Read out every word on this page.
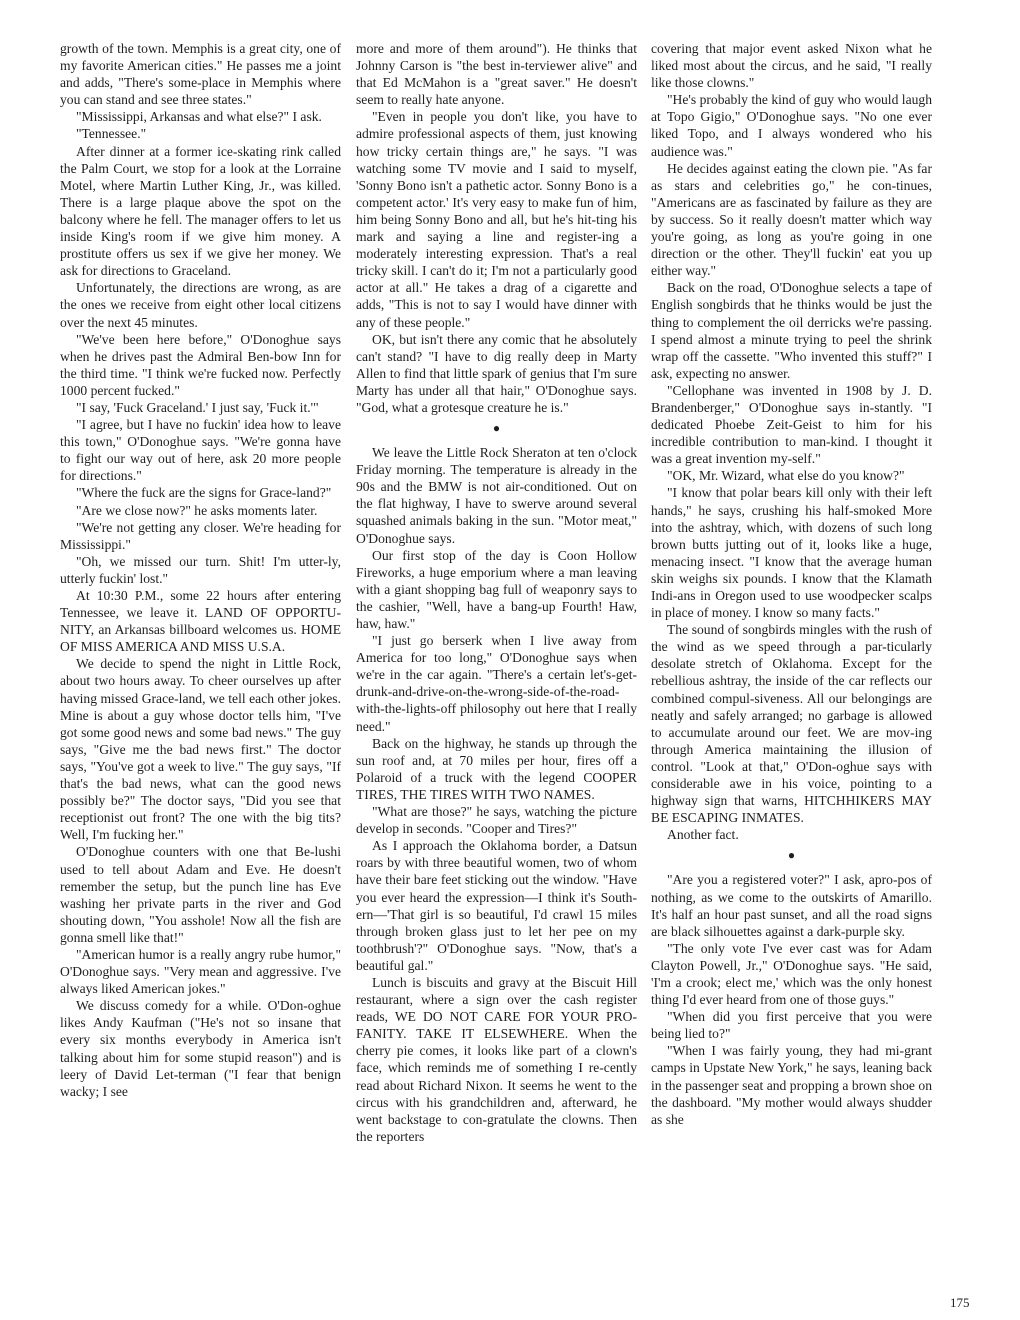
growth of the town. Memphis is a great city, one of my favorite American cities." He passes me a joint and adds, "There's some-place in Memphis where you can stand and see three states."

"Mississippi, Arkansas and what else?" I ask.

"Tennessee."

After dinner at a former ice-skating rink called the Palm Court, we stop for a look at the Lorraine Motel, where Martin Luther King, Jr., was killed. There is a large plaque above the spot on the balcony where he fell. The manager offers to let us inside King's room if we give him money. A prostitute offers us sex if we give her money. We ask for directions to Graceland.

Unfortunately, the directions are wrong, as are the ones we receive from eight other local citizens over the next 45 minutes.

"We've been here before," O'Donoghue says when he drives past the Admiral Ben-bow Inn for the third time. "I think we're fucked now. Perfectly 1000 percent fucked."

"I say, 'Fuck Graceland.' I just say, 'Fuck it.'"

"I agree, but I have no fuckin' idea how to leave this town," O'Donoghue says. "We're gonna have to fight our way out of here, ask 20 more people for directions."

"Where the fuck are the signs for Grace-land?"

"Are we close now?" he asks moments later.

"We're not getting any closer. We're heading for Mississippi."

"Oh, we missed our turn. Shit! I'm utter-ly, utterly fuckin' lost."

At 10:30 P.M., some 22 hours after entering Tennessee, we leave it. LAND OF OPPORTU-NITY, an Arkansas billboard welcomes us. HOME OF MISS AMERICA AND MISS U.S.A.

We decide to spend the night in Little Rock, about two hours away. To cheer ourselves up after having missed Grace-land, we tell each other jokes. Mine is about a guy whose doctor tells him, "I've got some good news and some bad news." The guy says, "Give me the bad news first." The doctor says, "You've got a week to live." The guy says, "If that's the bad news, what can the good news possibly be?" The doctor says, "Did you see that receptionist out front? The one with the big tits? Well, I'm fucking her."

O'Donoghue counters with one that Be-lushi used to tell about Adam and Eve. He doesn't remember the setup, but the punch line has Eve washing her private parts in the river and God shouting down, "You asshole! Now all the fish are gonna smell like that!"

"American humor is a really angry rube humor," O'Donoghue says. "Very mean and aggressive. I've always liked American jokes."

We discuss comedy for a while. O'Don-oghue likes Andy Kaufman ("He's not so insane that every six months everybody in America isn't talking about him for some stupid reason") and is leery of David Let-terman ("I fear that benign wacky; I see

more and more of them around"). He thinks that Johnny Carson is "the best in-terviewer alive" and that Ed McMahon is a "great saver." He doesn't seem to really hate anyone.

"Even in people you don't like, you have to admire professional aspects of them, just knowing how tricky certain things are," he says. "I was watching some TV movie and I said to myself, 'Sonny Bono isn't a pathetic actor. Sonny Bono is a competent actor.' It's very easy to make fun of him, him being Sonny Bono and all, but he's hit-ting his mark and saying a line and register-ing a moderately interesting expression. That's a real tricky skill. I can't do it; I'm not a particularly good actor at all." He takes a drag of a cigarette and adds, "This is not to say I would have dinner with any of these people."

OK, but isn't there any comic that he absolutely can't stand? "I have to dig really deep in Marty Allen to find that little spark of genius that I'm sure Marty has under all that hair," O'Donoghue says. "God, what a grotesque creature he is."

●

We leave the Little Rock Sheraton at ten o'clock Friday morning. The temperature is already in the 90s and the BMW is not air-conditioned. Out on the flat highway, I have to swerve around several squashed animals baking in the sun. "Motor meat," O'Donoghue says.

Our first stop of the day is Coon Hollow Fireworks, a huge emporium where a man leaving with a giant shopping bag full of weaponry says to the cashier, "Well, have a bang-up Fourth! Haw, haw, haw."

"I just go berserk when I live away from America for too long," O'Donoghue says when we're in the car again. "There's a certain let's-get-drunk-and-drive-on-the-wrong-side-of-the-road-with-the-lights-off philosophy out here that I really need."

Back on the highway, he stands up through the sun roof and, at 70 miles per hour, fires off a Polaroid of a truck with the legend COOPER TIRES, THE TIRES WITH TWO NAMES.

"What are those?" he says, watching the picture develop in seconds. "Cooper and Tires?"

As I approach the Oklahoma border, a Datsun roars by with three beautiful women, two of whom have their bare feet sticking out the window. "Have you ever heard the expression—I think it's South-ern—'That girl is so beautiful, I'd crawl 15 miles through broken glass just to let her pee on my toothbrush'?" O'Donoghue says. "Now, that's a beautiful gal."

Lunch is biscuits and gravy at the Biscuit Hill restaurant, where a sign over the cash register reads, WE DO NOT CARE FOR YOUR PRO-FANITY. TAKE IT ELSEWHERE. When the cherry pie comes, it looks like part of a clown's face, which reminds me of something I re-cently read about Richard Nixon. It seems he went to the circus with his grandchildren and, afterward, he went backstage to con-gratulate the clowns. Then the reporters

covering that major event asked Nixon what he liked most about the circus, and he said, "I really like those clowns."

"He's probably the kind of guy who would laugh at Topo Gigio," O'Donoghue says. "No one ever liked Topo, and I always wondered who his audience was."

He decides against eating the clown pie. "As far as stars and celebrities go," he con-tinues, "Americans are as fascinated by failure as they are by success. So it really doesn't matter which way you're going, as long as you're going in one direction or the other. They'll fuckin' eat you up either way."

Back on the road, O'Donoghue selects a tape of English songbirds that he thinks would be just the thing to complement the oil derricks we're passing. I spend almost a minute trying to peel the shrink wrap off the cassette. "Who invented this stuff?" I ask, expecting no answer.

"Cellophane was invented in 1908 by J. D. Brandenberger," O'Donoghue says in-stantly. "I dedicated Phoebe Zeit-Geist to him for his incredible contribution to man-kind. I thought it was a great invention my-self."

"OK, Mr. Wizard, what else do you know?"

"I know that polar bears kill only with their left hands," he says, crushing his half-smoked More into the ashtray, which, with dozens of such long brown butts jutting out of it, looks like a huge, menacing insect. "I know that the average human skin weighs six pounds. I know that the Klamath Indi-ans in Oregon used to use woodpecker scalps in place of money. I know so many facts."

The sound of songbirds mingles with the rush of the wind as we speed through a par-ticularly desolate stretch of Oklahoma. Except for the rebellious ashtray, the inside of the car reflects our combined compul-siveness. All our belongings are neatly and safely arranged; no garbage is allowed to accumulate around our feet. We are mov-ing through America maintaining the illusion of control. "Look at that," O'Don-oghue says with considerable awe in his voice, pointing to a highway sign that warns, HITCHHIKERS MAY BE ESCAPING INMATES.

Another fact.

●

"Are you a registered voter?" I ask, apro-pos of nothing, as we come to the outskirts of Amarillo. It's half an hour past sunset, and all the road signs are black silhouettes against a dark-purple sky.

"The only vote I've ever cast was for Adam Clayton Powell, Jr.," O'Donoghue says. "He said, 'I'm a crook; elect me,' which was the only honest thing I'd ever heard from one of those guys."

"When did you first perceive that you were being lied to?"

"When I was fairly young, they had mi-grant camps in Upstate New York," he says, leaning back in the passenger seat and propping a brown shoe on the dashboard. "My mother would always shudder as she

175
